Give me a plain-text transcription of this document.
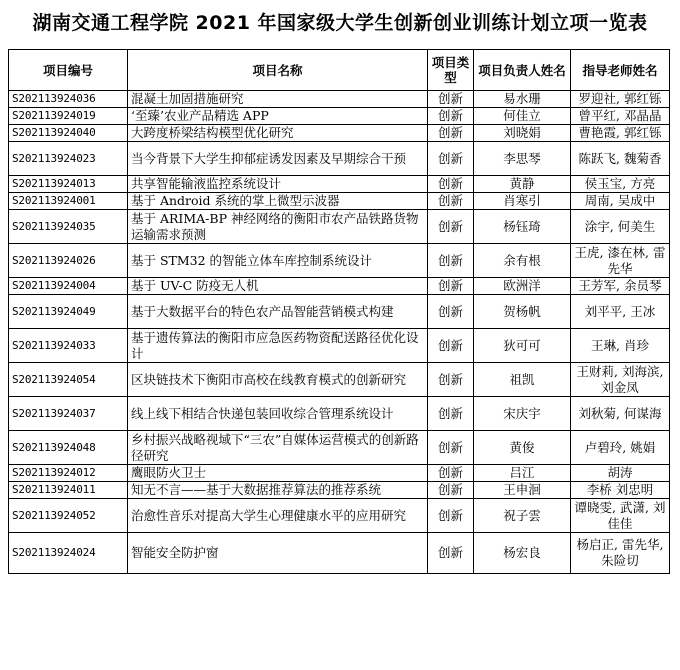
湖南交通工程学院 2021 年国家级大学生创新创业训练计划立项一览表
项目编号	项目名称	项目类型	项目负责人姓名	指导老师姓名
S202113924036	混凝土加固措施研究	创新	易水珊	罗迎社, 郭红铄
S202113924019	‘至臻’农业产品精选 APP	创新	何佳立	曾平红, 邓晶晶
S202113924040	大跨度桥梁结构模型优化研究	创新	刘晓娟	曹艳霞, 郭红铄
S202113924023	当今背景下大学生抑郁症诱发因素及早期综合干预	创新	李思琴	陈跃飞, 魏菊香
S202113924013	共享智能输液监控系统设计	创新	黄静	侯玉宝, 方亮
S202113924001	基于 Android 系统的掌上微型示波器	创新	肖寒引	周南, 吴成中
S202113924035	基于 ARIMA-BP 神经网络的衡阳市农产品铁路货物运输需求预测	创新	杨钰琦	涂宇, 何美生
S202113924026	基于 STM32 的智能立体车库控制系统设计	创新	余有根	王虎, 漆在林, 雷先华
S202113924004	基于 UV-C 防疫无人机	创新	欧洲洋	王芳军, 余员琴
S202113924049	基于大数据平台的特色农产品智能营销模式构建	创新	贺杨帆	刘平平, 王冰
S202113924033	基于遗传算法的衡阳市应急医药物资配送路径优化设计	创新	狄可可	王琳, 肖珍
S202113924054	区块链技术下衡阳市高校在线教育模式的创新研究	创新	祖凯	王财莉, 刘海滨, 刘金凤
S202113924037	线上线下相结合快递包装回收综合管理系统设计	创新	宋庆宇	刘秋菊, 何谋海
S202113924048	乡村振兴战略视域下“三农”自媒体运营模式的创新路径研究	创新	黄俊	卢碧玲, 姚娟
S202113924012	鹰眼防火卫士	创新	吕江	胡涛
S202113924011	知无不言——基于大数据推荐算法的推荐系统	创新	王申洄	李桥 刘忠明
S202113924052	治愈性音乐对提高大学生心理健康水平的应用研究	创新	祝子雲	谭晓雯, 武潇, 刘佳佳
S202113924024	智能安全防护窗	创新	杨宏良	杨启正, 雷先华, 朱险切
